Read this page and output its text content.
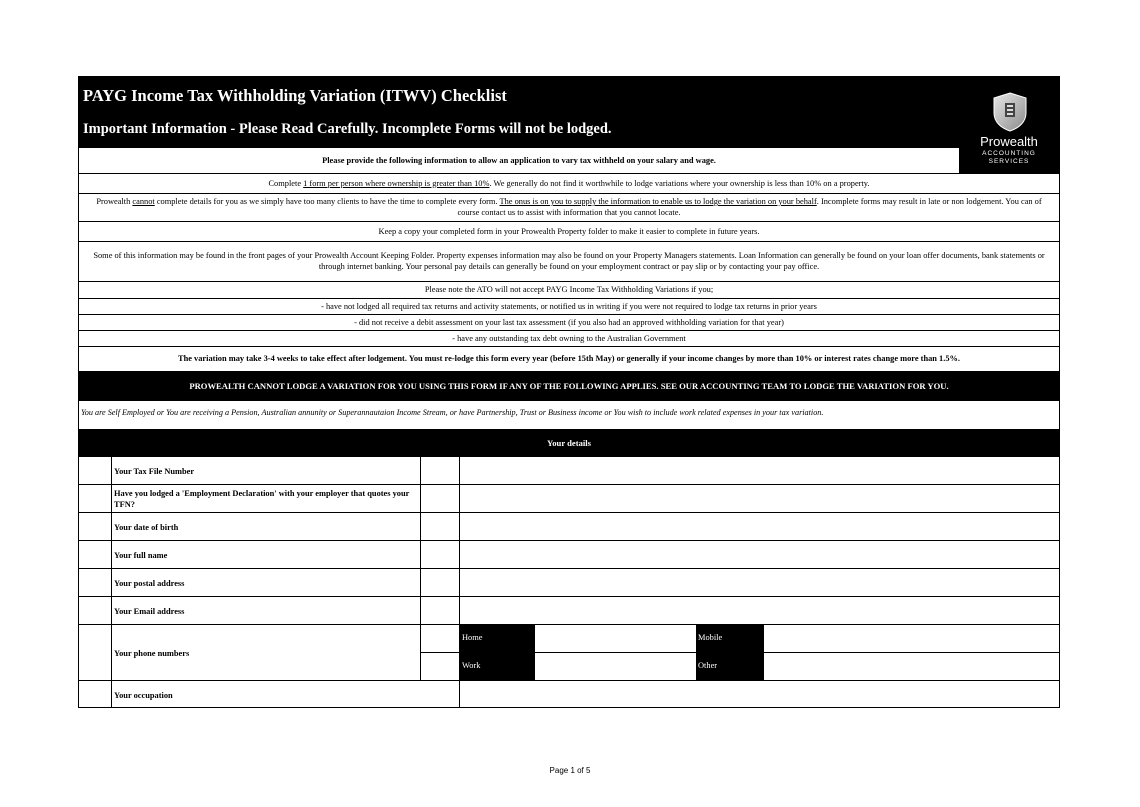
PAYG Income Tax Withholding Variation (ITWV) Checklist
Important Information - Please Read Carefully. Incomplete Forms will not be lodged.
Prowealth
ACCOUNTING
SERVICES
Please provide the following information to allow an application to vary tax withheld on your salary and wage.
Complete 1 form per person where ownership is greater than 10%. We generally do not find it worthwhile to lodge variations where your ownership is less than 10% on a property.
Prowealth cannot complete details for you as we simply have too many clients to have the time to complete every form. The onus is on you to supply the information to enable us to lodge the variation on your behalf. Incomplete forms may result in late or non lodgement. You can of course contact us to assist with information that you cannot locate.
Keep a copy your completed form in your Prowealth Property folder to make it easier to complete in future years.
Some of this information may be found in the front pages of your Prowealth Account Keeping Folder. Property expenses information may also be found on your Property Managers statements. Loan Information can generally be found on your loan offer documents, bank statements or through internet banking. Your personal pay details can generally be found on your employment contract or pay slip or by contacting your pay office.
Please note the ATO will not accept PAYG Income Tax Withholding Variations if you;
- have not lodged all required tax returns and activity statements, or notified us in writing if you were not required to lodge tax returns in prior years
- did not receive a debit assessment on your last tax assessment (if you also had an approved withholding variation for that year)
- have any outstanding tax debt owning to the Australian Government
The variation may take 3-4 weeks to take effect after lodgement. You must re-lodge this form every year (before 15th May) or generally if your income changes by more than 10% or interest rates change more than 1.5%.
PROWEALTH CANNOT LODGE A VARIATION FOR YOU USING THIS FORM IF ANY OF THE FOLLOWING APPLIES. SEE OUR ACCOUNTING TEAM TO LODGE THE VARIATION FOR YOU.
You are Self Employed or You are receiving a Pension, Australian annunity or Superannautaion Income Stream, or have Partnership, Trust or Business income or You wish to include work related expenses in your tax variation.
Your details
Your Tax File Number
Have you lodged a 'Employment Declaration' with your employer that quotes your TFN?
Your date of birth
Your full name
Your postal address
Your Email address
Your phone numbers
Home	Mobile
Work	Other
Your occupation
Page 1 of 5
